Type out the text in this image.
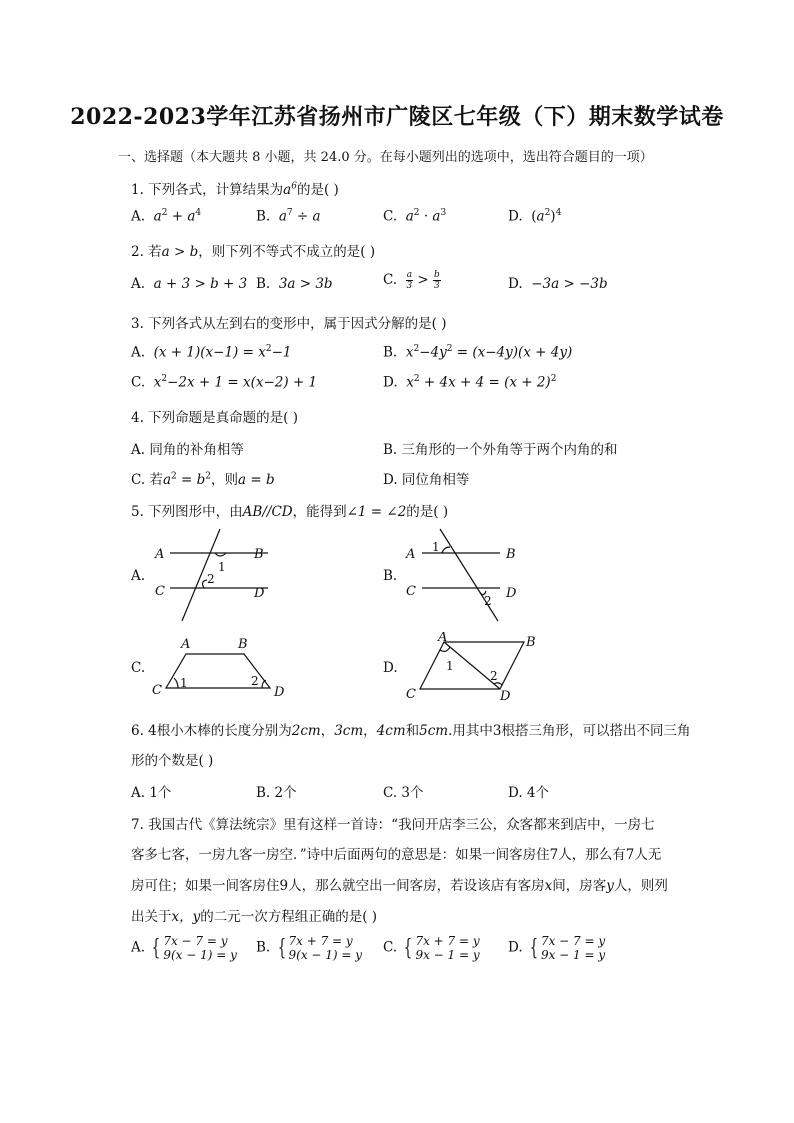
2022-2023学年江苏省扬州市广陵区七年级（下）期末数学试卷
一、选择题（本大题共 8 小题，共 24.0 分。在每小题列出的选项中，选出符合题目的一项）
1. 下列各式，计算结果为$a^6$的是( )
A. $a^2 + a^4$	B. $a^7 \div a$	C. $a^2 \cdot a^3$	D.  $(a^2)^4$
2. 若a > b，则下列不等式不成立的是( )
A. a + 3 > b + 3 B. 3a > 3b	C. $\frac{a}{3} > \frac{b}{3}$	D. −3a > −3b
3. 下列各式从左到右的变形中，属于因式分解的是( )
A. $(x + 1)(x-1) = x^2-1$	B. $x^2-4y^2 = (x-4y)(x + 4y)$
C. $x^2-2x + 1 = x(x-2) + 1$	D. $x^2 + 4x + 4 = (x + 2)^2$
4. 下列命题是真命题的是( )
A. 同角的补角相等	B. 三角形的一个外角等于两个内角的和
C. 若$a^2 = b^2$，则a = b	D. 同位角相等
5. 下列图形中，由AB//CD，能得到∠1 = ∠2的是( )
A.
A	B
C	D
1
2	B.
A	B
C	D
1
2
C.
A	B
C	D
1	2
D.
A	B
C	D
1
2
6. 4根小木棒的长度分别为2cm，3cm，4cm和5cm.用其中3根搭三角形，可以搭出不同三角
形的个数是( )
A. 1个	B. 2个	C. 3个	D. 4个
7. 我国古代《算法统宗》里有这样一首诗：“我问开店李三公，众客都来到店中，一房七
客多七客，一房九客一房空．”诗中后面两句的意思是：如果一间客房住7人，那么有7人无
房可住；如果一间客房住9人，那么就空出一间客房，若设该店有客房x间，房客y人，则列
出关于x，y的二元一次方程组正确的是( )
A. { 7x − 7 = y
9(x − 1) = y B. { 7x + 7 = y
9(x − 1) = y C. { 7x + 7 = y
9x − 1 = y D. { 7x − 7 = y
9x − 1 = y
